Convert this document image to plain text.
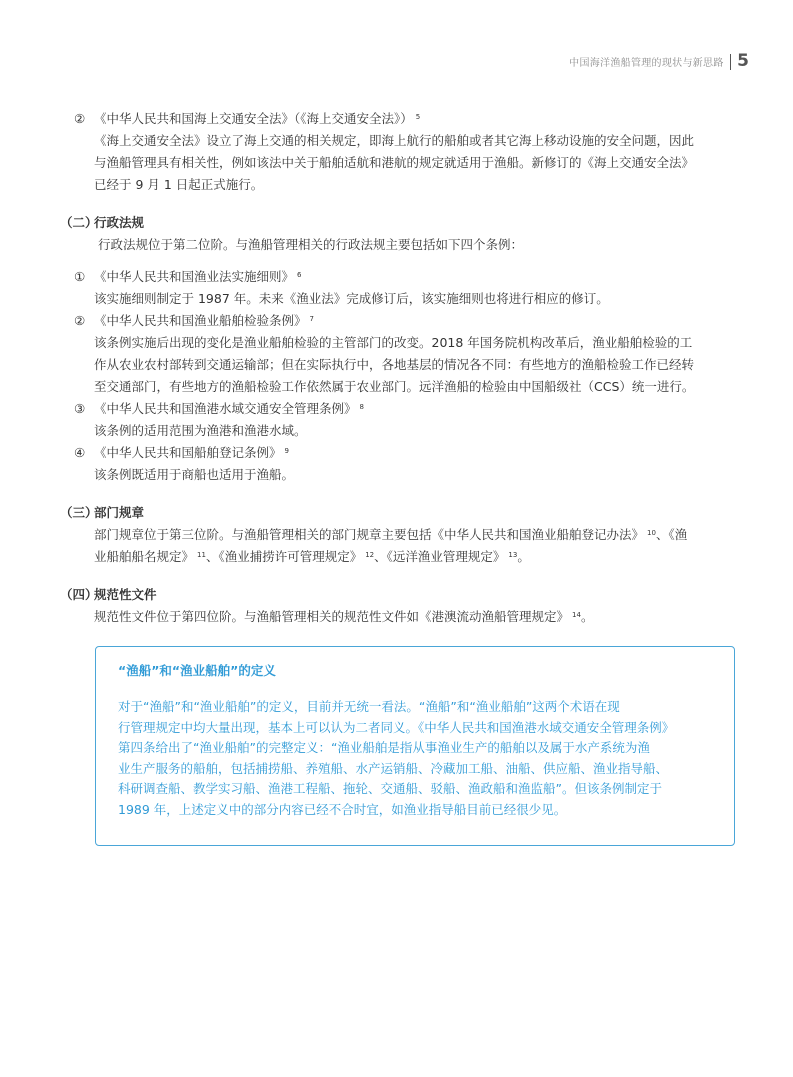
中国海洋渔船管理的现状与新思路 5

② 《中华人民共和国海上交通安全法》（《海上交通安全法》） $^5$

《海上交通安全法》设立了海上交通的相关规定，即海上航行的船舶或者其它海上移动设施的安全问题，因此

与渔船管理具有相关性，例如该法中关于船舶适航和港航的规定就适用于渔船。新修订的《海上交通安全法》

已经于 9 月 1 日起正式施行。

（二）行政法规

行政法规位于第二位阶。与渔船管理相关的行政法规主要包括如下四个条例：

① 《中华人民共和国渔业法实施细则》 $^6$

该实施细则制定于 1987 年。未来《渔业法》完成修订后，该实施细则也将进行相应的修订。

② 《中华人民共和国渔业船舶检验条例》 $^7$

该条例实施后出现的变化是渔业船舶检验的主管部门的改变。2018 年国务院机构改革后，渔业船舶检验的工

作从农业农村部转到交通运输部；但在实际执行中，各地基层的情况各不同：有些地方的渔船检验工作已经转

至交通部门，有些地方的渔船检验工作依然属于农业部门。远洋渔船的检验由中国船级社（CCS）统一进行。

③ 《中华人民共和国渔港水域交通安全管理条例》 $^8$

该条例的适用范围为渔港和渔港水域。

④ 《中华人民共和国船舶登记条例》 $^9$

该条例既适用于商船也适用于渔船。

（三）部门规章

部门规章位于第三位阶。与渔船管理相关的部门规章主要包括《中华人民共和国渔业船舶登记办法》 $^{10}$、《渔

业船舶船名规定》 $^{11}$、《渔业捕捞许可管理规定》 $^{12}$、《远洋渔业管理规定》 $^{13}$。

（四）规范性文件

规范性文件位于第四位阶。与渔船管理相关的规范性文件如《港澳流动渔船管理规定》 $^{14}$。

“渔船”和“渔业船舶”的定义

对于“渔船”和“渔业船舶”的定义，目前并无统一看法。“渔船”和“渔业船舶”这两个术语在现

行管理规定中均大量出现，基本上可以认为二者同义。《中华人民共和国渔港水域交通安全管理条例》

第四条给出了“渔业船舶”的完整定义：“渔业船舶是指从事渔业生产的船舶以及属于水产系统为渔

业生产服务的船舶，包括捕捞船、养殖船、水产运销船、冷藏加工船、油船、供应船、渔业指导船、

科研调查船、教学实习船、渔港工程船、拖轮、交通船、驳船、渔政船和渔监船”。但该条例制定于

1989 年，上述定义中的部分内容已经不合时宜，如渔业指导船目前已经很少见。
